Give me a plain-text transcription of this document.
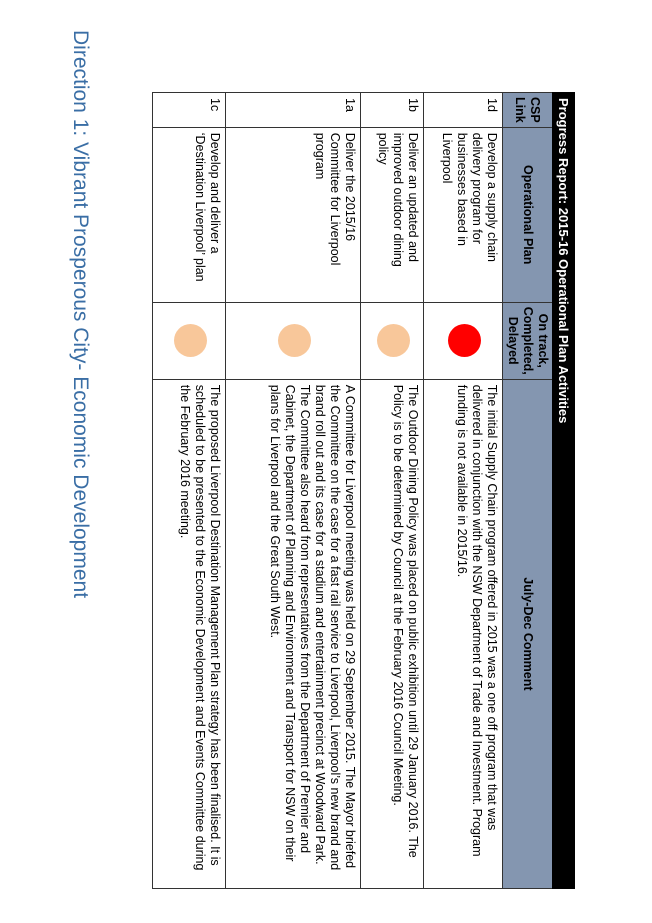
Direction 1: Vibrant Prosperous City- Economic Development	Progress Report: 2015-16 Operational Plan Activities			
CSP Link	Operational Plan	On track, Completed, Delayed	July-Dec Comment
1d	Develop a supply chain delivery program for businesses based in Liverpool		The initial Supply Chain program offered in 2015 was a one off program that was delivered in conjunction with the NSW Department of Trade and Investment. Program funding is not available in 2015/16.
1b	Deliver an updated and improved outdoor dining policy		The Outdoor Dining Policy was placed on public exhibition until 29 January 2016. The Policy is to be determined by Council at the February 2016 Council Meeting.
1a	Deliver the 2015/16 Committee for Liverpool program		A Committee for Liverpool meeting was held on 29 September 2015. The Mayor briefed the Committee on the case for a fast rail service to Liverpool, Liverpool’s new brand and brand roll out and its case for a stadium and entertainment precinct at Woodward Park. The Committee also heard from representatives from the Department of Premier and Cabinet, the Department of Planning and Environment and Transport for NSW on their plans for Liverpool and the Great South West.
1c	Develop and deliver a ‘Destination Liverpool’ plan		The proposed Liverpool Destination Management Plan strategy has been finalised. It is scheduled to be presented to the Economic Development and Events Committee during the February 2016 meeting.
